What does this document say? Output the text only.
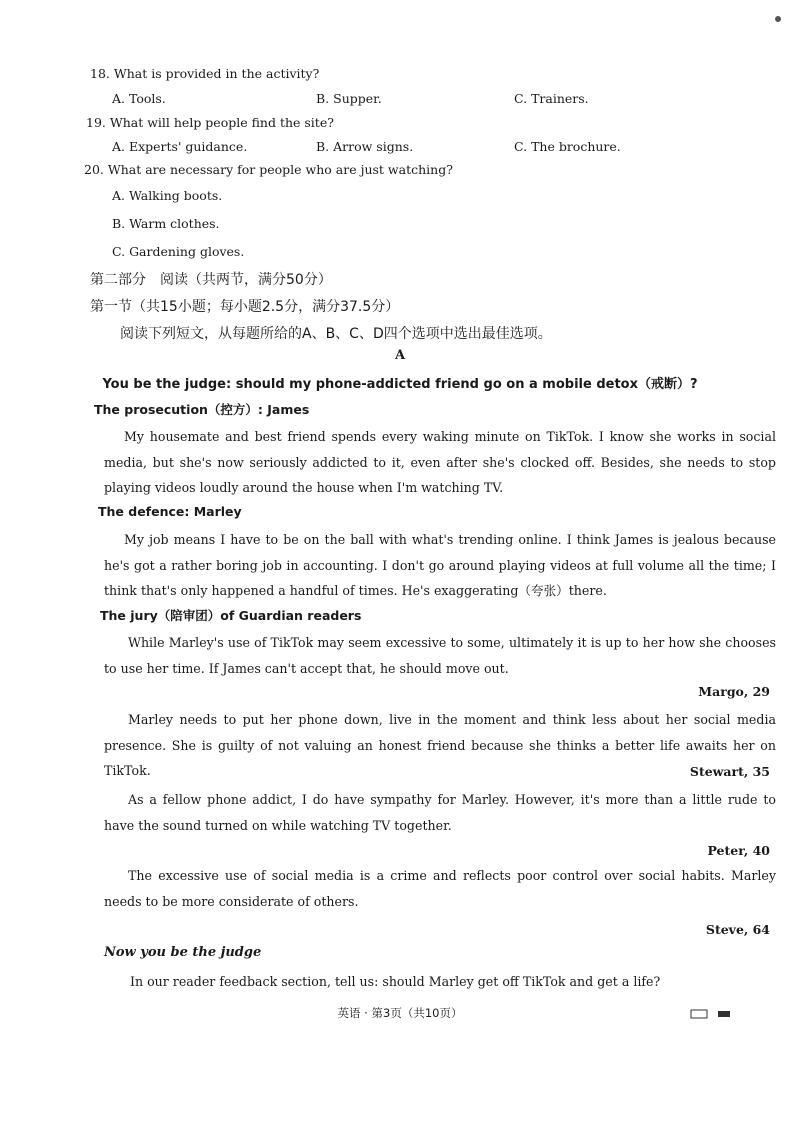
18. What is provided in the activity?
A. Tools.	B. Supper.	C. Trainers.
19. What will help people find the site?
A. Experts' guidance.	B. Arrow signs.	C. The brochure.
20. What are necessary for people who are just watching?
A. Walking boots.
B. Warm clothes.
C. Gardening gloves.
第二部分　阅读（共两节，满分50分）
第一节（共15小题；每小题2.5分，满分37.5分）
阅读下列短文，从每题所给的A、B、C、D四个选项中选出最佳选项。
A
You be the judge: should my phone-addicted friend go on a mobile detox（戒断）?
The prosecution（控方）: James
My housemate and best friend spends every waking minute on TikTok. I know she works in social media, but she's now seriously addicted to it, even after she's clocked off. Besides, she needs to stop playing videos loudly around the house when I'm watching TV.
The defence: Marley
My job means I have to be on the ball with what's trending online. I think James is jealous because he's got a rather boring job in accounting. I don't go around playing videos at full volume all the time; I think that's only happened a handful of times. He's exaggerating（夸张）there.
The jury（陪审团）of Guardian readers
While Marley's use of TikTok may seem excessive to some, ultimately it is up to her how she chooses to use her time. If James can't accept that, he should move out.
Margo, 29
Marley needs to put her phone down, live in the moment and think less about her social media presence. She is guilty of not valuing an honest friend because she thinks a better life awaits her on TikTok.	Stewart, 35
As a fellow phone addict, I do have sympathy for Marley. However, it's more than a little rude to have the sound turned on while watching TV together.
Peter, 40
The excessive use of social media is a crime and reflects poor control over social habits. Marley needs to be more considerate of others.
Steve, 64
Now you be the judge
In our reader feedback section, tell us: should Marley get off TikTok and get a life?
英语 · 第3页（共10页）
